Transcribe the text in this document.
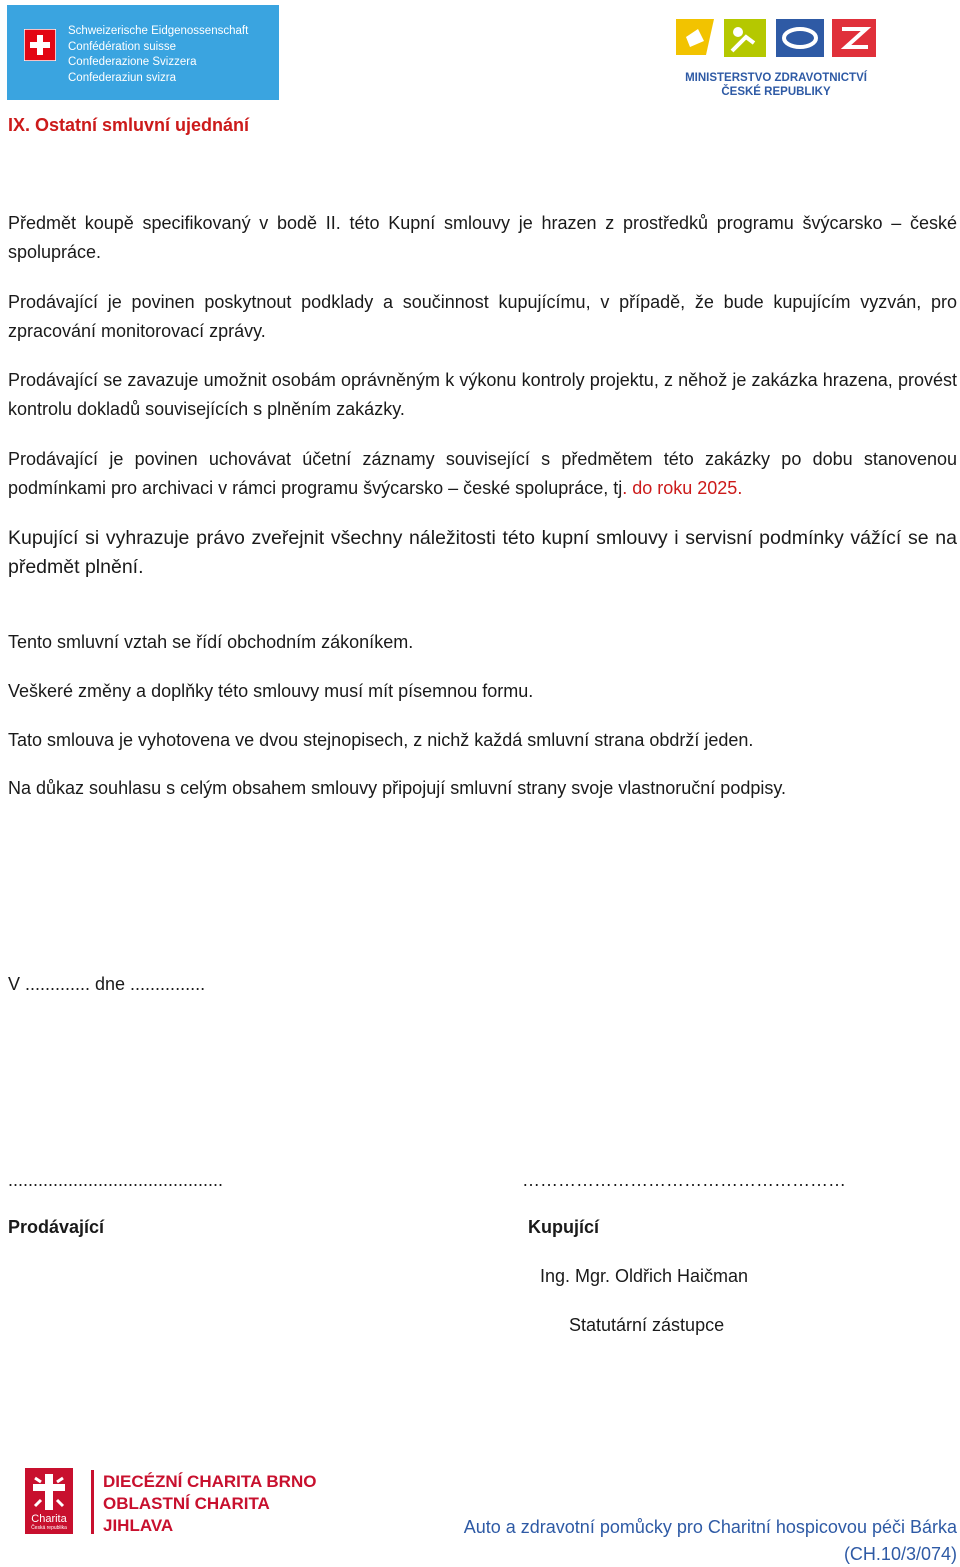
Schweizerische Eidgenossenschaft
Confédération suisse
Confederazione Svizzera
Confederaziun svizra	MINISTERSTVO ZDRAVOTNICTVÍ
ČESKÉ REPUBLIKY
IX. Ostatní smluvní ujednání
Předmět koupě specifikovaný v bodě II. této Kupní smlouvy je hrazen z prostředků programu švýcarsko – české spolupráce.
Prodávající je povinen poskytnout podklady a součinnost kupujícímu, v případě, že bude kupujícím vyzván, pro zpracování monitorovací zprávy.
Prodávající se zavazuje umožnit osobám oprávněným k výkonu kontroly projektu, z něhož je zakázka hrazena, provést kontrolu dokladů souvisejících s plněním zakázky.
Prodávající je povinen uchovávat účetní záznamy související s předmětem této zakázky po dobu stanovenou podmínkami pro archivaci v rámci programu švýcarsko – české spolupráce, tj. do roku 2025.
Kupující si vyhrazuje právo zveřejnit všechny náležitosti této kupní smlouvy i servisní podmínky vážící se na předmět plnění.
Tento smluvní vztah se řídí obchodním zákoníkem.
Veškeré změny a doplňky této smlouvy musí mít písemnou formu.
Tato smlouva je vyhotovena ve dvou stejnopisech, z nichž každá smluvní strana obdrží jeden.
Na důkaz souhlasu s celým obsahem smlouvy připojují smluvní strany svoje vlastnoruční podpisy.
V ............. dne ...............
...........................................	………………………………………………
Prodávající	Kupující
Ing. Mgr. Oldřich Haičman
Statutární zástupce
Charita
Česká republika
DIECÉZNÍ CHARITA BRNO
OBLASTNÍ CHARITA
JIHLAVA	Auto a zdravotní pomůcky pro Charitní hospicovou péči Bárka
(CH.10/3/074)
